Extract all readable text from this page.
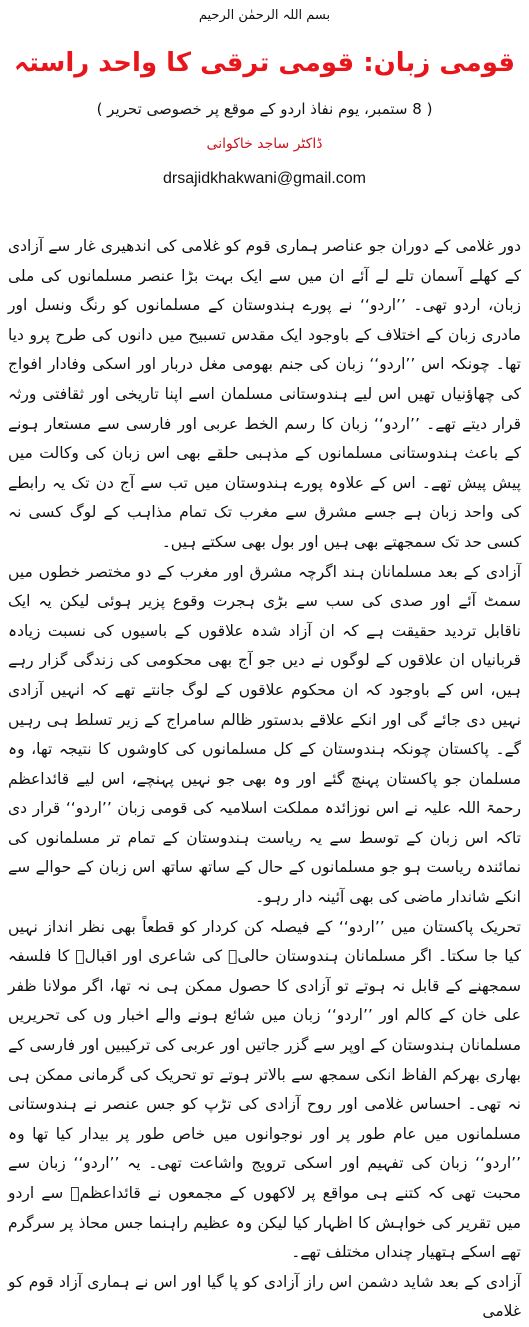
بسم اللہ الرحمٰن الرحیم
قومی زبان: قومی ترقی کا واحد راستہ
( 8 ستمبر، یوم نفاذ اردو کے موقع پر خصوصی تحریر )
ڈاکٹر ساجد خاکوانی
drsajidkhakwani@gmail.com

دور غلامی کے دوران جو عناصر ہماری قوم کو غلامی کی اندھیری غار سے آزادی کے کھلے آسمان تلے لے آئے ان میں سے ایک بہت بڑا عنصر مسلمانوں کی ملی زبان، اردو تھی۔ ’’اردو‘‘ نے پورے ہندوستان کے مسلمانوں کو رنگ ونسل اور مادری زبان کے اختلاف کے باوجود ایک مقدس تسبیح میں دانوں کی طرح پرو دیا تھا۔ چونکہ اس ’’اردو‘‘ زبان کی جنم بھومی مغل دربار اور اسکی وفادار افواج کی چھاؤنیاں تھیں اس لیے ہندوستانی مسلمان اسے اپنا تاریخی اور ثقافتی ورثہ قرار دیتے تھے۔ ’’اردو‘‘ زبان کا رسم الخط عربی اور فارسی سے مستعار ہونے کے باعث ہندوستانی مسلمانوں کے مذہبی حلقے بھی اس زبان کی وکالت میں پیش پیش تھے۔ اس کے علاوہ پورے ہندوستان میں تب سے آج دن تک یہ رابطے کی واحد زبان ہے جسے مشرق سے مغرب تک تمام مذاہب کے لوگ کسی نہ کسی حد تک سمجھتے بھی ہیں اور بول بھی سکتے ہیں۔

آزادی کے بعد مسلمانان ہند اگرچہ مشرق اور مغرب کے دو مختصر خطوں میں سمٹ آئے اور صدی کی سب سے بڑی ہجرت وقوع پزیر ہوئی لیکن یہ ایک ناقابل تردید حقیقت ہے کہ ان آزاد شدہ علاقوں کے باسیوں کی نسبت زیادہ قربانیاں ان علاقوں کے لوگوں نے دیں جو آج بھی محکومی کی زندگی گزار رہے ہیں، اس کے باوجود کہ ان محکوم علاقوں کے لوگ جانتے تھے کہ انہیں آزادی نہیں دی جائے گی اور انکے علاقے بدستور ظالم سامراج کے زیر تسلط ہی رہیں گے۔ پاکستان چونکہ ہندوستان کے کل مسلمانوں کی کاوشوں کا نتیجہ تھا، وہ مسلمان جو پاکستان پہنچ گئے اور وہ بھی جو نہیں پہنچے، اس لیے قائداعظم رحمۃ اللہ علیہ نے اس نوزائدہ مملکت اسلامیہ کی قومی زبان ’’اردو‘‘ قرار دی تاکہ اس زبان کے توسط سے یہ ریاست ہندوستان کے تمام تر مسلمانوں کی نمائندہ ریاست ہو جو مسلمانوں کے حال کے ساتھ ساتھ اس زبان کے حوالے سے انکے شاندار ماضی کی بھی آئینہ دار رہو۔

تحریک پاکستان میں ’’اردو‘‘ کے فیصلہ کن کردار کو قطعاً بھی نظر انداز نہیں کیا جا سکتا۔ اگر مسلمانان ہندوستان حالیؔ کی شاعری اور اقبالؔ کا فلسفہ سمجھنے کے قابل نہ ہوتے تو آزادی کا حصول ممکن ہی نہ تھا، اگر مولانا ظفر علی خان کے کالم اور ’’اردو‘‘ زبان میں شائع ہونے والے اخبار وں کی تحریریں مسلمانان ہندوستان کے اوپر سے گزر جاتیں اور عربی کی ترکیبیں اور فارسی کے بھاری بھرکم الفاظ انکی سمجھ سے بالاتر ہوتے تو تحریک کی گرمانی ممکن ہی نہ تھی۔ احساس غلامی اور روح آزادی کی تڑپ کو جس عنصر نے ہندوستانی مسلمانوں میں عام طور پر اور نوجوانوں میں خاص طور پر بیدار کیا تھا وہ ’’اردو‘‘ زبان کی تفہیم اور اسکی ترویج واشاعت تھی۔ یہ ’’اردو‘‘ زبان سے محبت تھی کہ کتنے ہی مواقع پر لاکھوں کے مجمعوں نے قائداعظمؒ سے اردو میں تقریر کی خواہش کا اظہار کیا لیکن وہ عظیم راہنما جس محاذ پر سرگرم تھے اسکے ہتھیار چنداں مختلف تھے۔

آزادی کے بعد شاید دشمن اس راز آزادی کو پا گیا اور اس نے ہماری آزاد قوم کو غلامی
